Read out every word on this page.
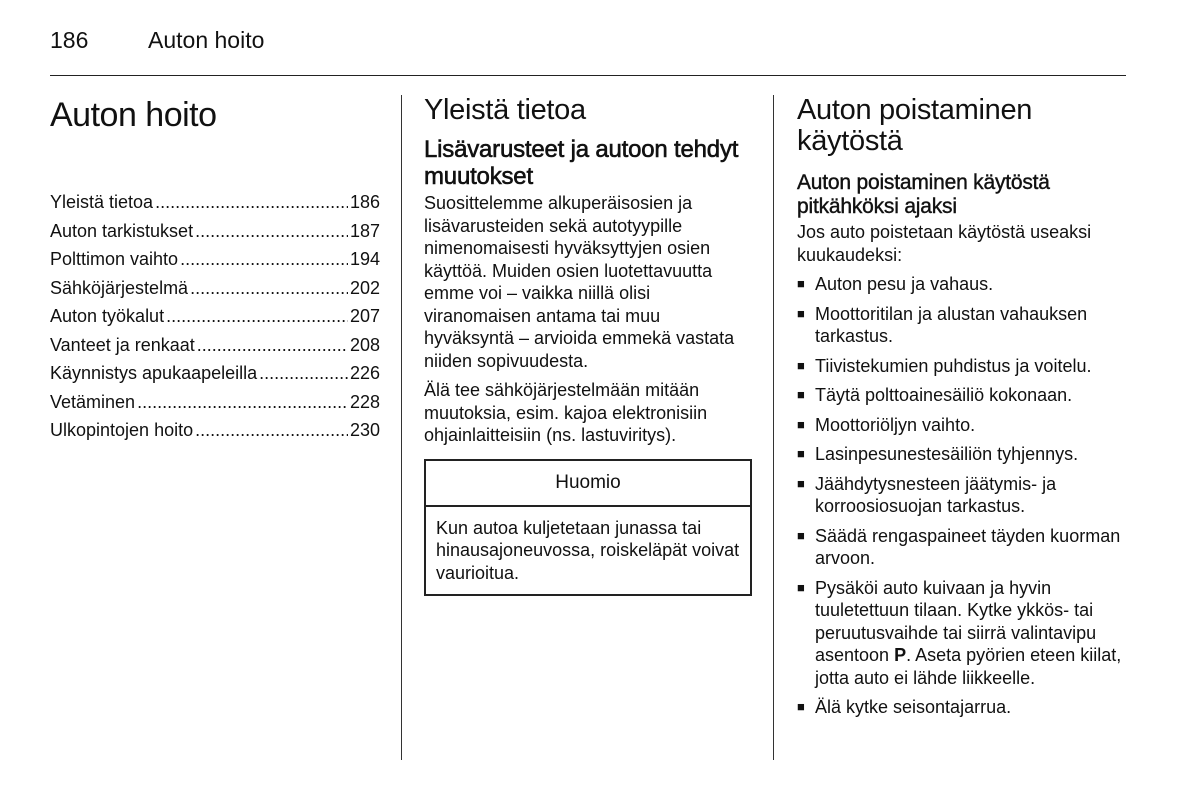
186	Auton hoito
Auton hoito
Yleistä tietoa .....	186
Auton tarkistukset .....	187
Polttimon vaihto .....	194
Sähköjärjestelmä .....	202
Auton työkalut .....	207
Vanteet ja renkaat .....	208
Käynnistys apukaapeleilla .....	226
Vetäminen .....	228
Ulkopintojen hoito .....	230
Yleistä tietoa
Lisävarusteet ja autoon tehdyt muutokset

Suosittelemme alkuperäisosien ja lisävarusteiden sekä autotyypille nimenomaisesti hyväksyttyjen osien käyttöä. Muiden osien luotettavuutta emme voi – vaikka niillä olisi viranomaisen antama tai muu hyväksyntä – arvioida emmekä vastata niiden sopivuudesta.

Älä tee sähköjärjestelmään mitään muutoksia, esim. kajoa elektronisiin ohjainlaitteisiin (ns. lastuviritys).

Huomio
Kun autoa kuljetetaan junassa tai hinausajoneuvossa, roiskeläpät voivat vaurioitua.
Auton poistaminen käytöstä
Auton poistaminen käytöstä pitkähköksi ajaksi

Jos auto poistetaan käytöstä useaksi kuukaudeksi:

■ Auton pesu ja vahaus.
■ Moottoritilan ja alustan vahauksen tarkastus.
■ Tiivistekumien puhdistus ja voitelu.
■ Täytä polttoainesäiliö kokonaan.
■ Moottoriöljyn vaihto.
■ Lasinpesunestesäiliön tyhjennys.
■ Jäähdytysnesteen jäätymis- ja korroosiosuojan tarkastus.
■ Säädä rengaspaineet täyden kuorman arvoon.
■ Pysäköi auto kuivaan ja hyvin tuuletettuun tilaan. Kytke ykkös- tai peruutusvaihde tai siirrä valintavipu asentoon P. Aseta pyörien eteen kiilat, jotta auto ei lähde liikkeelle.
■ Älä kytke seisontajarrua.
